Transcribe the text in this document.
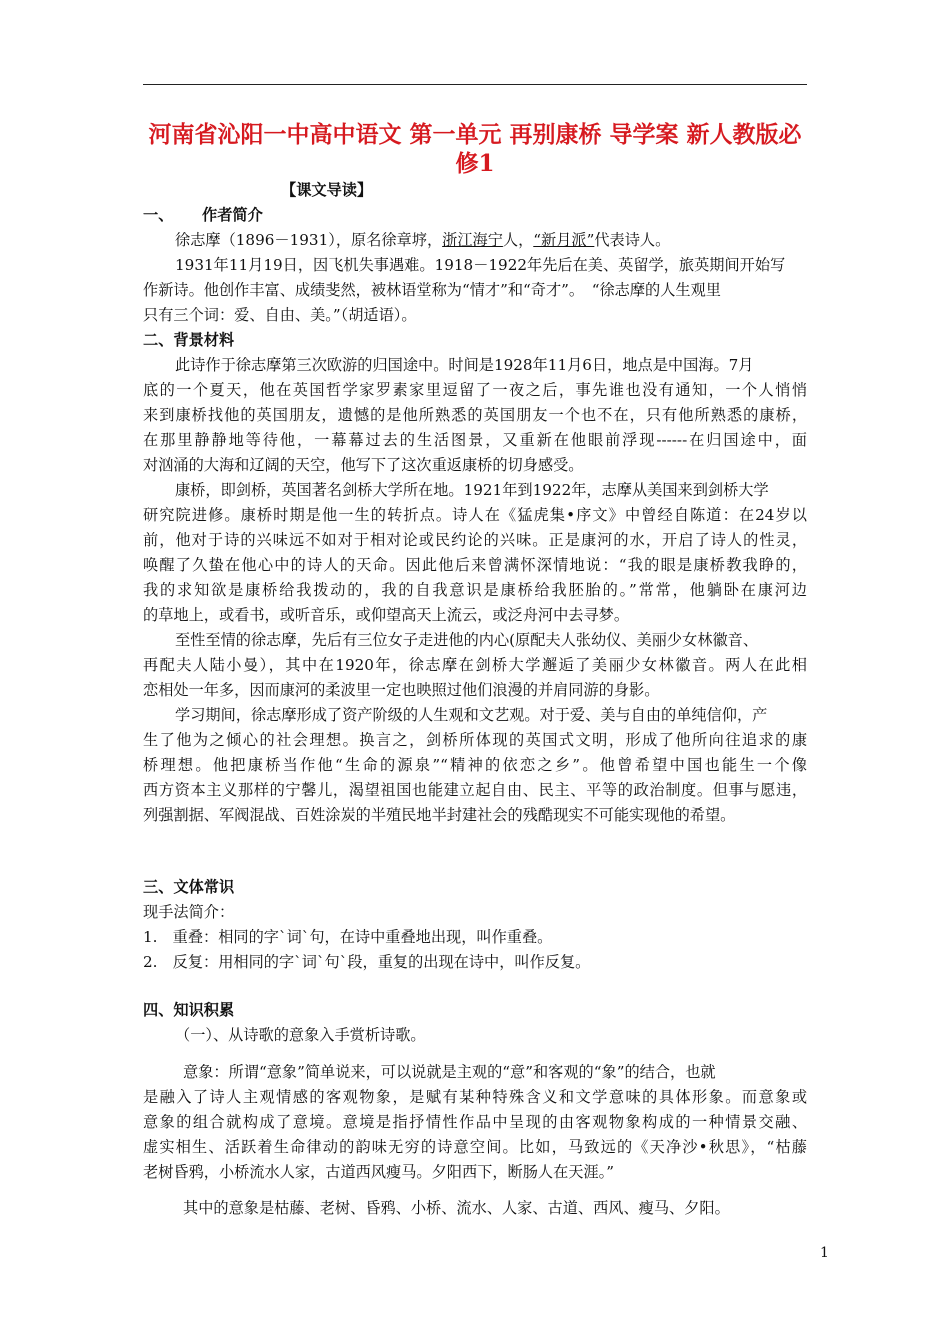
河南省沁阳一中高中语文 第一单元 再别康桥 导学案 新人教版必
修1
【课文导读】
一、 作者简介
徐志摩（1896－1931），原名徐章垿，浙江海宁人，“新月派”代表诗人。
1931年11月19日，因飞机失事遇难。1918－1922年先后在美、英留学，旅英期间开始写
作新诗。他创作丰富、成绩斐然，被林语堂称为“情才”和“奇才”。　“徐志摩的人生观里
只有三个词：爱、自由、美。”（胡适语）。
二、背景材料
此诗作于徐志摩第三次欧游的归国途中。时间是1928年11月6日，地点是中国海。7月
底的一个夏天，他在英国哲学家罗素家里逗留了一夜之后，事先谁也没有通知，一个人悄悄
来到康桥找他的英国朋友，遗憾的是他所熟悉的英国朋友一个也不在，只有他所熟悉的康桥，
在那里静静地等待他，一幕幕过去的生活图景，又重新在他眼前浮现------在归国途中，面
对汹涌的大海和辽阔的天空，他写下了这次重返康桥的切身感受。
康桥，即剑桥，英国著名剑桥大学所在地。1921年到1922年，志摩从美国来到剑桥大学
研究院进修。康桥时期是他一生的转折点。诗人在《猛虎集•序文》中曾经自陈道：在24岁以
前，他对于诗的兴味远不如对于相对论或民约论的兴味。正是康河的水，开启了诗人的性灵，
唤醒了久蛰在他心中的诗人的天命。因此他后来曾满怀深情地说：“我的眼是康桥教我睁的，
我的求知欲是康桥给我拨动的，我的自我意识是康桥给我胚胎的。”常常，他躺卧在康河边
的草地上，或看书，或听音乐，或仰望高天上流云，或泛舟河中去寻梦。
至性至情的徐志摩，先后有三位女子走进他的内心(原配夫人张幼仪、美丽少女林徽音、
再配夫人陆小曼），其中在1920年，徐志摩在剑桥大学邂逅了美丽少女林徽音。两人在此相
恋相处一年多，因而康河的柔波里一定也映照过他们浪漫的并肩同游的身影。
学习期间，徐志摩形成了资产阶级的人生观和文艺观。对于爱、美与自由的单纯信仰，产
生了他为之倾心的社会理想。换言之，剑桥所体现的英国式文明，形成了他所向往追求的康
桥理想。他把康桥当作他“生命的源泉”“精神的依恋之乡”。他曾希望中国也能生一个像
西方资本主义那样的宁馨儿，渴望祖国也能建立起自由、民主、平等的政治制度。但事与愿违，
列强割据、军阀混战、百姓涂炭的半殖民地半封建社会的残酷现实不可能实现他的希望。
三、文体常识
现手法简介：
1.　重叠：相同的字`词`句，在诗中重叠地出现，叫作重叠。
2.　反复：用相同的字`词`句`段，重复的出现在诗中，叫作反复。
四、知识积累
（一）、从诗歌的意象入手赏析诗歌。
意象：所谓“意象”简单说来，可以说就是主观的“意”和客观的“象”的结合，也就
是融入了诗人主观情感的客观物象，是赋有某种特殊含义和文学意味的具体形象。而意象或
意象的组合就构成了意境。意境是指抒情性作品中呈现的由客观物象构成的一种情景交融、
虚实相生、活跃着生命律动的韵味无穷的诗意空间。比如，马致远的《天净沙•秋思》，“枯藤
老树昏鸦，小桥流水人家，古道西风瘦马。夕阳西下，断肠人在天涯。”
其中的意象是枯藤、老树、昏鸦、小桥、流水、人家、古道、西风、瘦马、夕阳。
1
